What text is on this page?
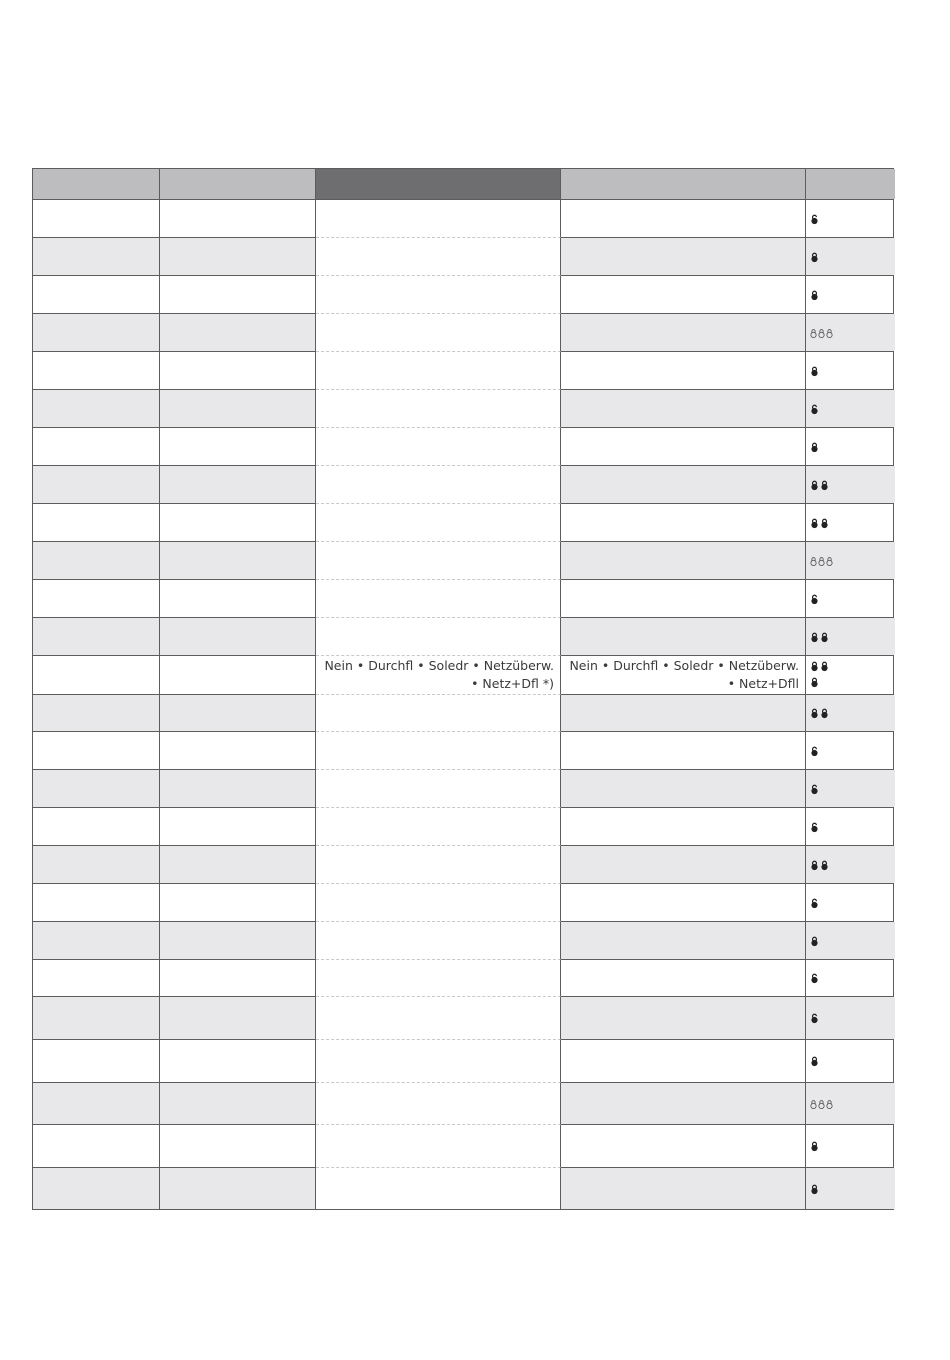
Nein • Durchfl • Soledr • Netzüberw. • Netz+Dfl *)
Nein • Durchfl • Soledr • Netzüberw. • Netz+Dfll
